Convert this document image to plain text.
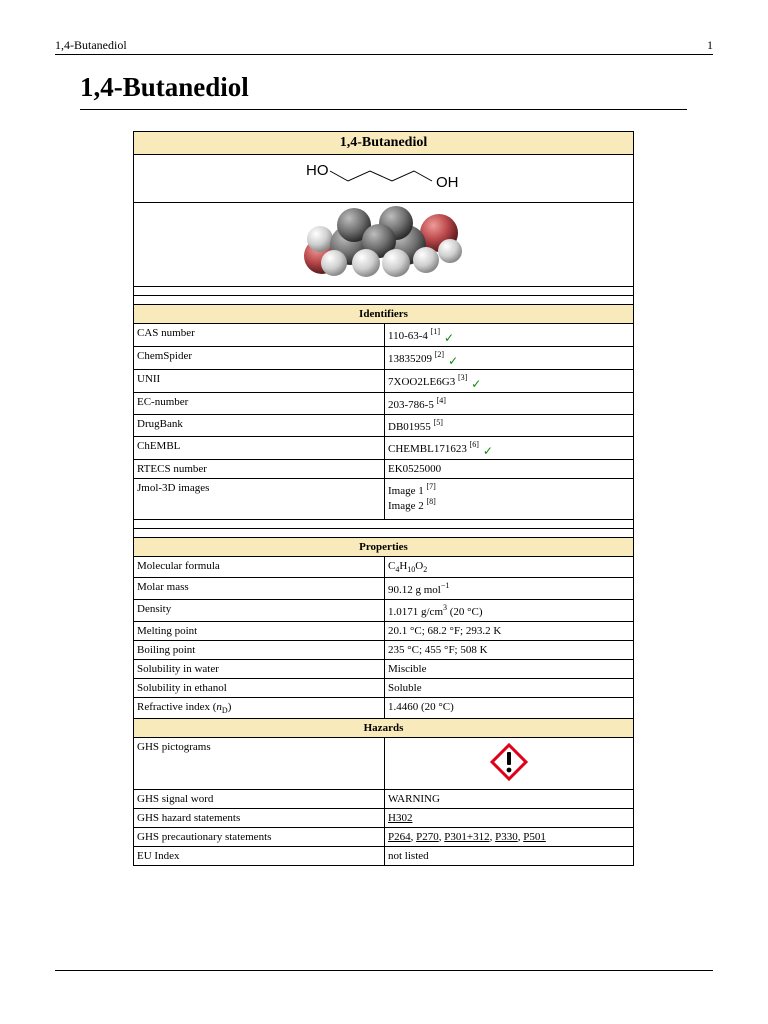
1,4-Butanediol	1
1,4-Butanediol
1,4-Butanediol	

HO
OH	

Identifiers	
CAS number	110-63-4 [1] ✓
ChemSpider	13835209 [2] ✓
UNII	7XOO2LE6G3 [3] ✓
EC-number	203-786-5 [4]
DrugBank	DB01955 [5]
ChEMBL	CHEMBL171623 [6] ✓
RTECS number	EK0525000
Jmol-3D images	Image 1 [7]
Image 2 [8]

Properties	
Molecular formula	$C_4H_{10}O_2$
Molar mass	90.12 g mol$^{-1}$
Density	1.0171 $g/cm^3$ (20 °C)
Melting point	20.1 °C; 68.2 °F; 293.2 K
Boiling point	235 °C; 455 °F; 508 K
Solubility in water	Miscible
Solubility in ethanol	Soluble
Refractive index $(n_D)$	1.4460 (20 °C)
Hazards	
GHS pictograms	
GHS signal word	WARNING
GHS hazard statements	H302
GHS precautionary statements	P264, P270, P301+312, P330, P501
EU Index	not listed
